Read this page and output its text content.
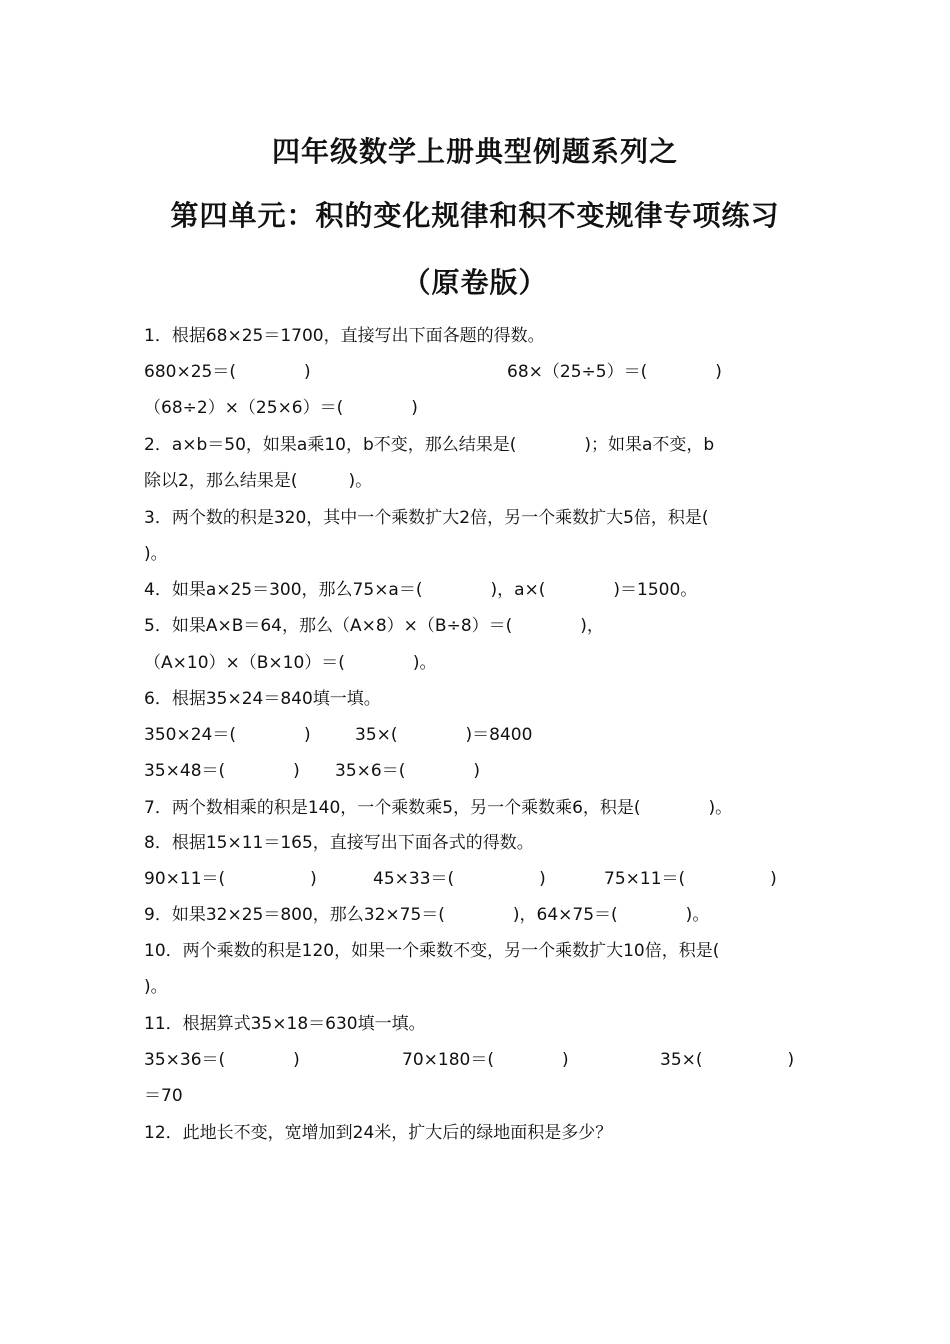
四年级数学上册典型例题系列之
第四单元：积的变化规律和积不变规律专项练习
（原卷版）
1．根据68×25＝1700，直接写出下面各题的得数。
680×25＝(　　　　)	68×（25÷5）＝(　　　　)
（68÷2）×（25×6）＝(　　　　)
2．a×b＝50，如果a乘10，b不变，那么结果是(　　　　)；如果a不变，b
除以2，那么结果是(　　　)。
3．两个数的积是320，其中一个乘数扩大2倍，另一个乘数扩大5倍，积是(
)。
4．如果a×25＝300，那么75×a＝(　　　　)，a×(　　　　)＝1500。
5．如果A×B＝64，那么（A×8）×（B÷8）＝(　　　　)，
（A×10）×（B×10）＝(　　　　)。
6．根据35×24＝840填一填。
350×24＝(　　　　)	35×(　　　　)＝8400
35×48＝(　　　　) 35×6＝(　　　　)
7．两个数相乘的积是140，一个乘数乘5，另一个乘数乘6，积是(　　　　)。
8．根据15×11＝165，直接写出下面各式的得数。
90×11＝(　　　　　)	45×33＝(　　　　　)	75×11＝(　　　　　)
9．如果32×25＝800，那么32×75＝(　　　　)，64×75＝(　　　　)。
10．两个乘数的积是120，如果一个乘数不变，另一个乘数扩大10倍，积是(
)。
11．根据算式35×18＝630填一填。
35×36＝(　　　　)	70×180＝(　　　　)	35×(　　　　　)
＝70
12．此地长不变，宽增加到24米，扩大后的绿地面积是多少？
